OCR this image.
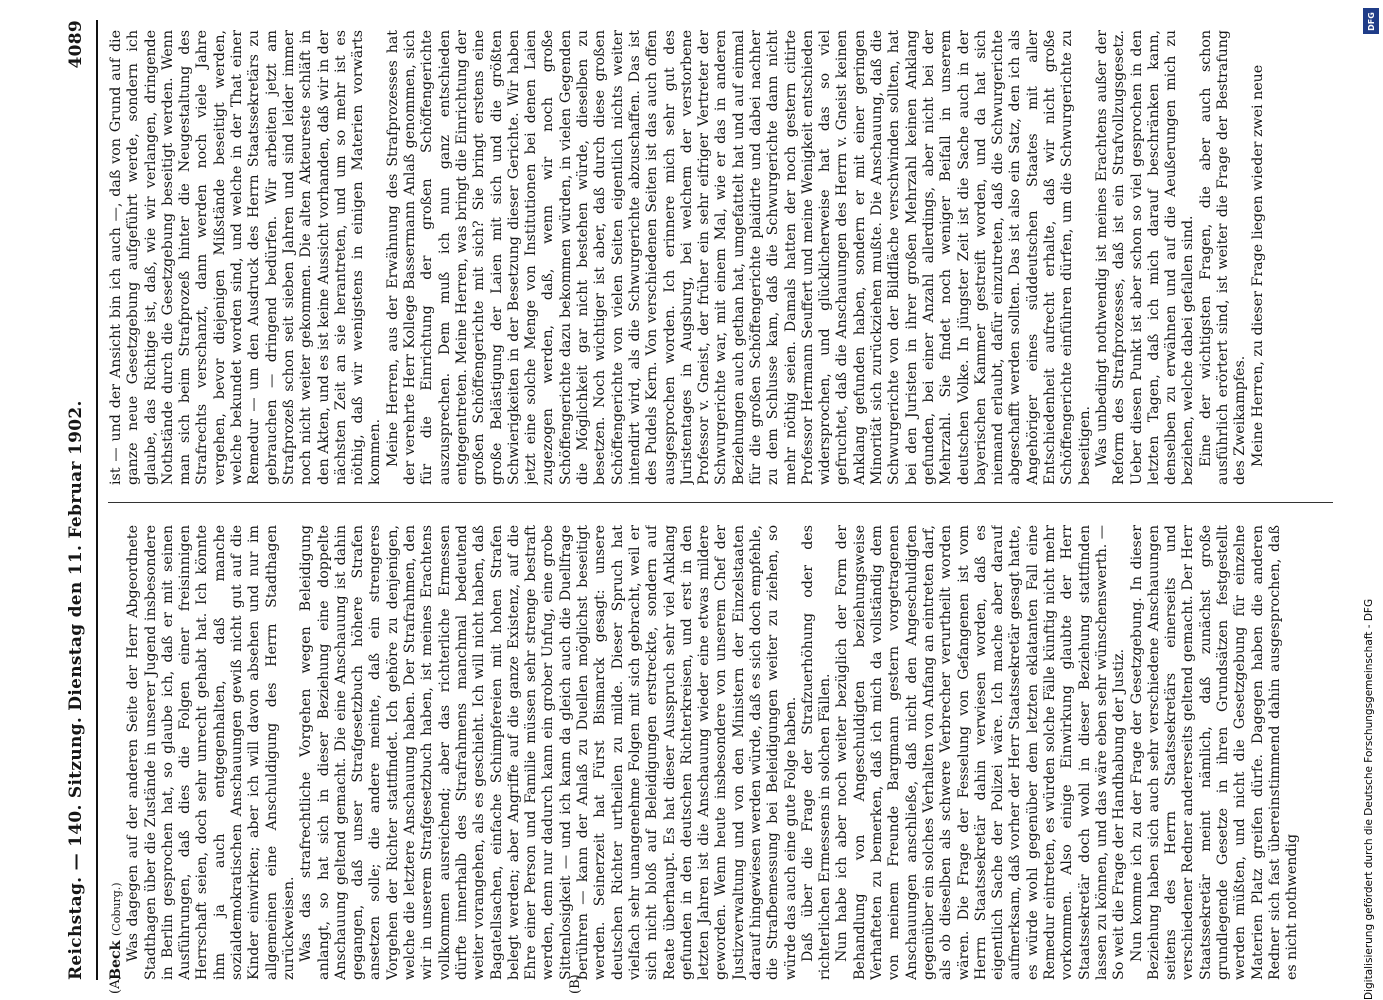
Reichstag. — 140. Sitzung. Dienstag den 11. Februar 1902.
4089
(A)	(B)

Beck (Coburg.) Was dagegen auf der anderen Seite der Herr Abgeordnete Stadthagen über die Zustände in unserer Jugend insbesondere in Berlin gesprochen hat, so glaube ich, daß er mit seinen Ausführungen, daß dies die Folgen einer freisinnigen Herrschaft seien, doch sehr unrecht gehabt hat. Ich könnte ihm ja auch entgegenhalten, daß manche sozialdemokratischen Anschauungen gewiß nicht gut auf die Kinder einwirken; aber ich will davon absehen und nur im allgemeinen eine Anschuldigung des Herrn Stadthagen zurückweisen. Was das strafrechtliche Vorgehen wegen Beleidigung anlangt, so hat sich in dieser Beziehung eine doppelte Anschauung geltend gemacht. Die eine Anschauung ist dahin gegangen, daß unser Strafgesetzbuch höhere Strafen ansetzen solle; die andere meinte, daß ein strengeres Vorgehen der Richter stattfindet. Ich gehöre zu denjenigen, welche die letztere Anschauung haben. Der Strafrahmen, den wir in unserem Strafgesetzbuch haben, ist meines Erachtens vollkommen ausreichend; aber das richterliche Ermessen dürfte innerhalb des Strafrahmens manchmal bedeutend weiter vorangehen, als es geschieht. Ich will nicht haben, daß Bagatellsachen, einfache Schimpfereien mit hohen Strafen belegt werden; aber Angriffe auf die ganze Existenz, auf die Ehre einer Person und Familie müssen sehr strenge bestraft werden, denn nur dadurch kann ein grober Unfug, eine grobe Sittenlosigkeit — und ich kann da gleich auch die Duellfrage berühren — kann der Anlaß zu Duellen möglichst beseitigt werden. Seinerzeit hat Fürst Bismarck gesagt: unsere deutschen Richter urtheilen zu milde. Dieser Spruch hat vielfach sehr unangenehme Folgen mit sich gebracht, weil er sich nicht bloß auf Beleidigungen erstreckte, sondern auf Reate überhaupt. Es hat dieser Ausspruch sehr viel Anklang gefunden in den deutschen Richterkreisen, und erst in den letzten Jahren ist die Anschauung wieder eine etwas mildere geworden. Wenn heute insbesondere von unserem Chef der Justizverwaltung und von den Ministern der Einzelstaaten darauf hingewiesen werden würde, daß es sich doch empfehle, die Strafbemessung bei Beleidigungen weiter zu ziehen, so würde das auch eine gute Folge haben. Daß über die Frage der Strafzuerhöhung oder des richterlichen Ermessens in solchen Fällen. Nun habe ich aber noch weiter bezüglich der Form der Behandlung von Angeschuldigten beziehungsweise Verhafteten zu bemerken, daß ich mich da vollständig dem von meinem Freunde Bargmann gestern vorgetragenen Anschauungen anschließe, daß nicht den Angeschuldigten gegenüber ein solches Verhalten von Anfang an eintreten darf, als ob dieselben als schwere Verbrecher verurtheilt worden wären. Die Frage der Fesselung von Gefangenen ist vom Herrn Staatssekretär dahin verwiesen worden, daß es eigentlich Sache der Polizei wäre. Ich mache aber darauf aufmerksam, daß vorher der Herr Staatssekretär gesagt hatte, es würde wohl gegenüber dem letzten eklatanten Fall eine Remedur eintreten, es würden solche Fälle künftig nicht mehr vorkommen. Also einige Einwirkung glaubte der Herr Staatssekretär doch wohl in dieser Beziehung stattfinden lassen zu können, und das wäre eben sehr wünschenswerth. — So weit die Frage der Handhabung der Justiz. Nun komme ich zu der Frage der Gesetzgebung. In dieser Beziehung haben sich auch sehr verschiedene Anschauungen seitens des Herrn Staatssekretärs einerseits und verschiedener Redner andererseits geltend gemacht. Der Herr Staatssekretär meint nämlich, daß zunächst große grundlegende Gesetze in ihren Grundsätzen festgestellt werden müßten, und nicht die Gesetzgebung für einzelne Materien Platz greifen dürfe. Dagegen haben die anderen Redner sich fast übereinstimmend dahin ausgesprochen, daß es nicht nothwendig

ist — und der Ansicht bin ich auch —, daß von Grund auf die ganze neue Gesetzgebung aufgeführt werde, sondern ich glaube, das Richtige ist, daß, wie wir verlangen, dringende Nothstände durch die Gesetzgebung beseitigt werden. Wenn man sich beim Strafprozeß hinter die Neugestaltung des Strafrechts verschanzt, dann werden noch viele Jahre vergehen, bevor diejenigen Mißstände beseitigt werden, welche bekundet worden sind, und welche in der That einer Remedur — um den Ausdruck des Herrn Staatssekretärs zu gebrauchen — dringend bedürfen. Wir arbeiten jetzt am Strafprozeß schon seit sieben Jahren und sind leider immer noch nicht weiter gekommen. Die alten Akteureste schläft in den Akten, und es ist keine Aussicht vorhanden, daß wir in der nächsten Zeit an sie herantreten, und um so mehr ist es nöthig, daß wir wenigstens in einigen Materien vorwärts kommen. Meine Herren, aus der Erwähnung des Strafprozesses hat der verehrte Herr Kollege Bassermann Anlaß genommen, sich für die Einrichtung der großen Schöffengerichte auszusprechen. Dem muß ich nun ganz entschieden entgegentreten. Meine Herren, was bringt die Einrichtung der großen Schöffengerichte mit sich? Sie bringt erstens eine große Belästigung der Laien mit sich und die größten Schwierigkeiten in der Besetzung dieser Gerichte. Wir haben jetzt eine solche Menge von Institutionen bei denen Laien zugezogen werden, daß, wenn wir noch große Schöffengerichte dazu bekommen würden, in vielen Gegenden die Möglichkeit gar nicht bestehen würde, dieselben zu besetzen. Noch wichtiger ist aber, daß durch diese großen Schöffengerichte von vielen Seiten eigentlich nichts weiter intendirt wird, als die Schwurgerichte abzuschaffen. Das ist des Pudels Kern. Von verschiedenen Seiten ist das auch offen ausgesprochen worden. Ich erinnere mich sehr gut des Juristentages in Augsburg, bei welchem der verstorbene Professor v. Gneist, der früher ein sehr eifriger Vertreter der Schwurgerichte war, mit einem Mal, wie er das in anderen Beziehungen auch gethan hat, umgefattelt hat und auf einmal für die großen Schöffengerichte plaidirte und dabei nachher zu dem Schlusse kam, daß die Schwurgerichte dann nicht mehr nöthig seien. Damals hatten der noch gestern citirte Professor Hermann Seuffert und meine Wenigkeit entschieden widersprochen, und glücklicherweise hat das so viel gefruchtet, daß die Anschauungen des Herrn v. Gneist keinen Anklang gefunden haben, sondern er mit einer geringen Minorität sich zurückziehen mußte. Die Anschauung, daß die Schwurgerichte von der Bildfläche verschwinden sollten, hat bei den Juristen in ihrer großen Mehrzahl keinen Anklang gefunden, bei einer Anzahl allerdings, aber nicht bei der Mehrzahl. Sie findet noch weniger Beifall in unserem deutschen Volke. In jüngster Zeit ist die Sache auch in der bayerischen Kammer gestreift worden, und da hat sich niemand erlaubt, dafür einzutreten, daß die Schwurgerichte abgeschafft werden sollten. Das ist also ein Satz, den ich als Angehöriger eines süddeutschen Staates mit aller Entschiedenheit aufrecht erhalte, daß wir nicht große Schöffengerichte einführen dürfen, um die Schwurgerichte zu beseitigen. Was unbedingt nothwendig ist meines Erachtens außer der Reform des Strafprozesses, daß ist ein Strafvollzugsgesetz. Ueber diesen Punkt ist aber schon so viel gesprochen in den letzten Tagen, daß ich mich darauf beschränken kann, denselben zu erwähnen und auf die Aeußerungen mich zu beziehen, welche dabei gefallen sind. Eine der wichtigsten Fragen, die aber auch schon ausführlich erörtert sind, ist weiter die Frage der Bestrafung des Zweikampfes. Meine Herren, zu dieser Frage liegen wieder zwei neue

DFG
Digitalisierung gefördert durch die Deutsche Forschungsgemeinschaft - DFG
